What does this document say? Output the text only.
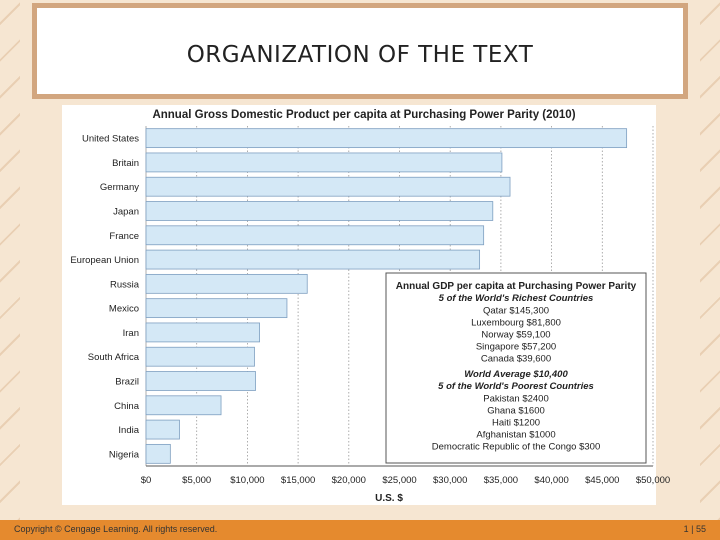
ORGANIZATION OF THE TEXT
United States
Britain
Germany
Japan
France
European Union
Russia
Mexico
Iran
South Africa
Brazil
China
India
Nigeria
$0	$5,000 $10,000 $15,000 $20,000 $25,000 $30,000 $35,000 $40,000 $45,000 $50,000
Annual Gross Domestic Product per capita at Purchasing Power Parity (2010)
U.S. $
Annual GDP per capita at Purchasing Power Parity
5 of the World's Richest Countries
Qatar $145,300
Luxembourg $81,800
Norway $59,100
Singapore $57,200
Canada $39,600
World Average $10,400
5 of the World's Poorest Countries
Pakistan $2400
Ghana $1600
Haiti $1200
Afghanistan $1000
Democratic Republic of the Congo $300
Copyright © Cengage Learning. All rights reserved.	1 | 55
